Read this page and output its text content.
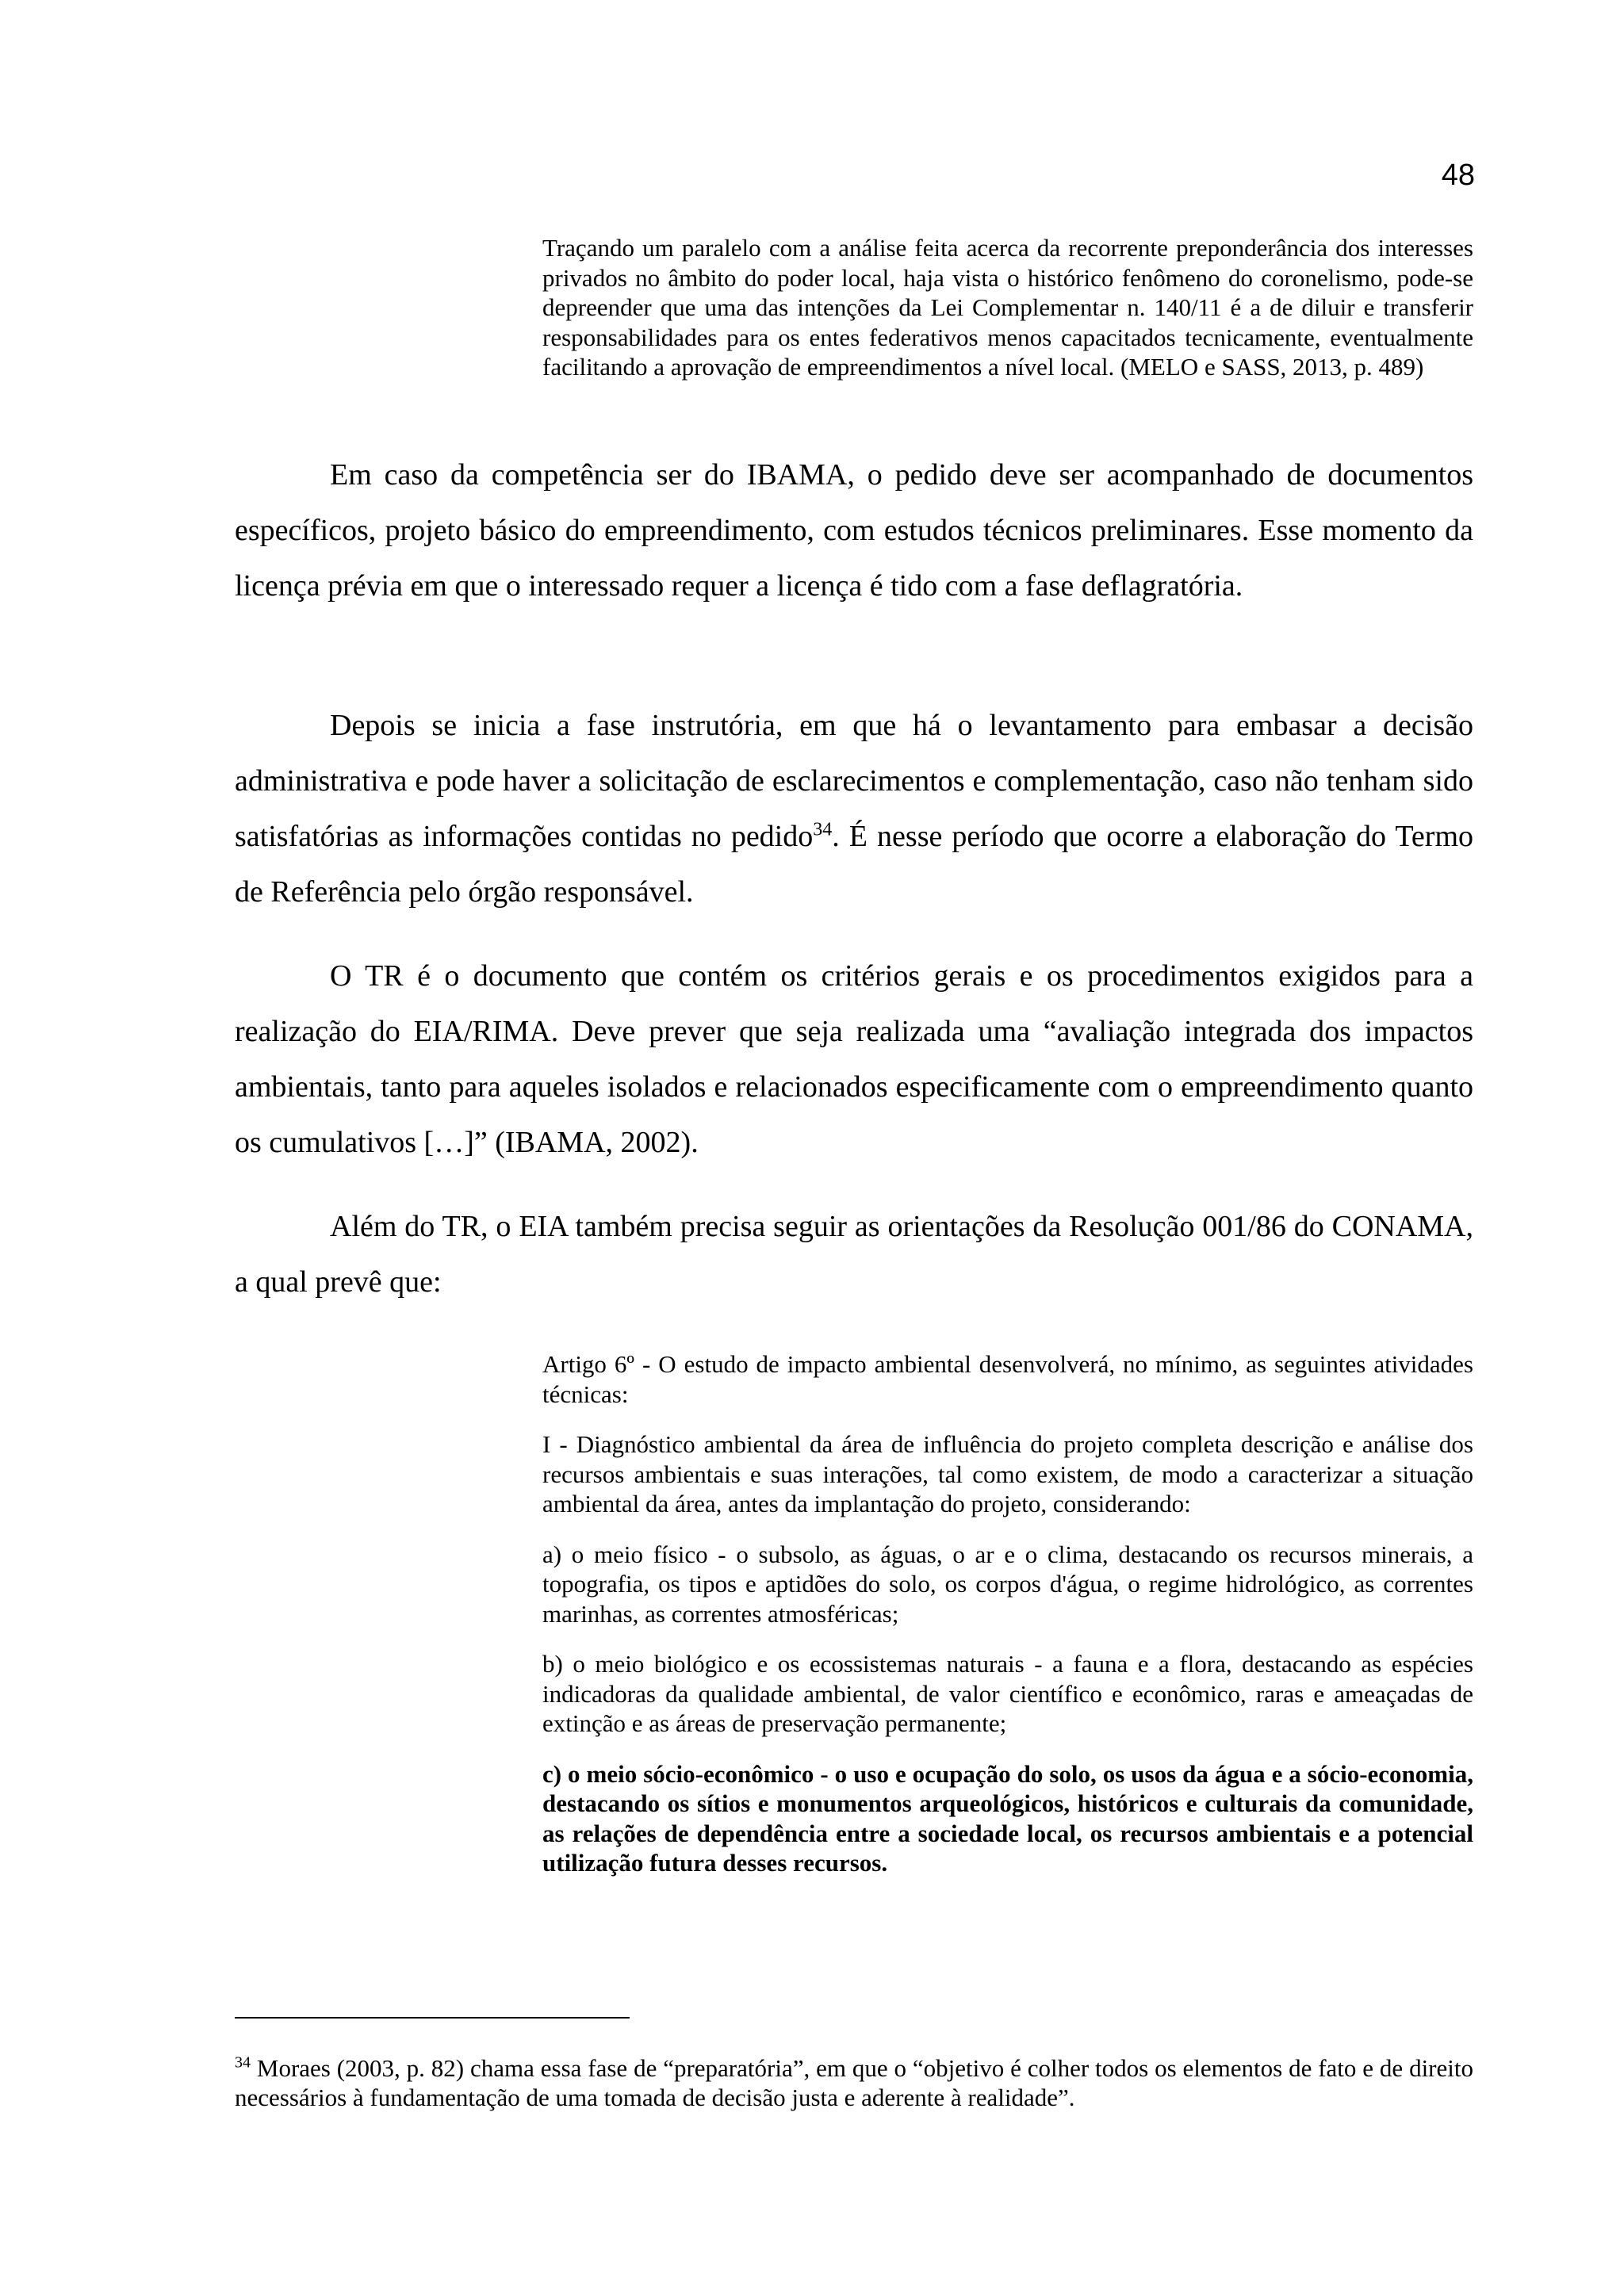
48
Traçando um paralelo com a análise feita acerca da recorrente preponderância dos interesses privados no âmbito do poder local, haja vista o histórico fenômeno do coronelismo, pode-se depreender que uma das intenções da Lei Complementar n. 140/11 é a de diluir e transferir responsabilidades para os entes federativos menos capacitados tecnicamente, eventualmente facilitando a aprovação de empreendimentos a nível local. (MELO e SASS, 2013, p. 489)

Em caso da competência ser do IBAMA, o pedido deve ser acompanhado de documentos específicos, projeto básico do empreendimento, com estudos técnicos preliminares. Esse momento da licença prévia em que o interessado requer a licença é tido com a fase deflagratória.

Depois se inicia a fase instrutória, em que há o levantamento para embasar a decisão administrativa e pode haver a solicitação de esclarecimentos e complementação, caso não tenham sido satisfatórias as informações contidas no pedido$^{34}$. É nesse período que ocorre a elaboração do Termo de Referência pelo órgão responsável.

O TR é o documento que contém os critérios gerais e os procedimentos exigidos para a realização do EIA/RIMA. Deve prever que seja realizada uma “avaliação integrada dos impactos ambientais, tanto para aqueles isolados e relacionados especificamente com o empreendimento quanto os cumulativos […]” (IBAMA, 2002).

Além do TR, o EIA também precisa seguir as orientações da Resolução 001/86 do CONAMA, a qual prevê que:

Artigo 6º - O estudo de impacto ambiental desenvolverá, no mínimo, as seguintes atividades técnicas:

I - Diagnóstico ambiental da área de influência do projeto completa descrição e análise dos recursos ambientais e suas interações, tal como existem, de modo a caracterizar a situação ambiental da área, antes da implantação do projeto, considerando:

a) o meio físico - o subsolo, as águas, o ar e o clima, destacando os recursos minerais, a topografia, os tipos e aptidões do solo, os corpos d'água, o regime hidrológico, as correntes marinhas, as correntes atmosféricas;

b) o meio biológico e os ecossistemas naturais - a fauna e a flora, destacando as espécies indicadoras da qualidade ambiental, de valor científico e econômico, raras e ameaçadas de extinção e as áreas de preservação permanente;

c) o meio sócio-econômico - o uso e ocupação do solo, os usos da água e a sócio-economia, destacando os sítios e monumentos arqueológicos, históricos e culturais da comunidade, as relações de dependência entre a sociedade local, os recursos ambientais e a potencial utilização futura desses recursos.

$^{34}$ Moraes (2003, p. 82) chama essa fase de “preparatória”, em que o “objetivo é colher todos os elementos de fato e de direito necessários à fundamentação de uma tomada de decisão justa e aderente à realidade”.
